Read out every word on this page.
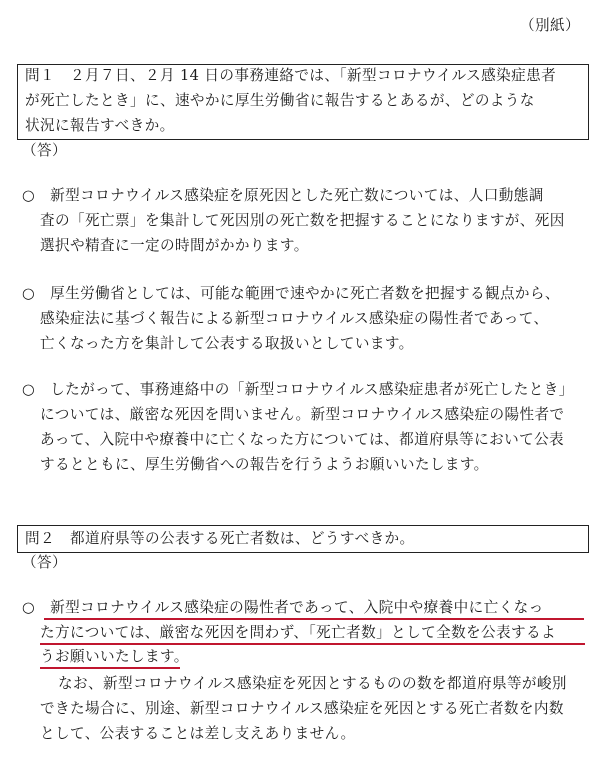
（別紙）
問１　２月７日、２月 14 日の事務連絡では、「新型コロナウイルス感染症患者
が死亡したとき」に、速やかに厚生労働省に報告するとあるが、どのような
状況に報告すべきか。
（答）
○　新型コロナウイルス感染症を原死因とした死亡数については、人口動態調
査の「死亡票」を集計して死因別の死亡数を把握することになりますが、死因
選択や精査に一定の時間がかかります。
○　厚生労働省としては、可能な範囲で速やかに死亡者数を把握する観点から、
感染症法に基づく報告による新型コロナウイルス感染症の陽性者であって、
亡くなった方を集計して公表する取扱いとしています。
○　したがって、事務連絡中の「新型コロナウイルス感染症患者が死亡したとき」
については、厳密な死因を問いません。新型コロナウイルス感染症の陽性者で
あって、入院中や療養中に亡くなった方については、都道府県等において公表
するとともに、厚生労働省への報告を行うようお願いいたします。
問２　都道府県等の公表する死亡者数は、どうすべきか。
（答）
○　新型コロナウイルス感染症の陽性者であって、入院中や療養中に亡くなっ
た方については、厳密な死因を問わず、「死亡者数」として全数を公表するよ
うお願いいたします。
なお、新型コロナウイルス感染症を死因とするものの数を都道府県等が峻別
できた場合に、別途、新型コロナウイルス感染症を死因とする死亡者数を内数
として、公表することは差し支えありません。
